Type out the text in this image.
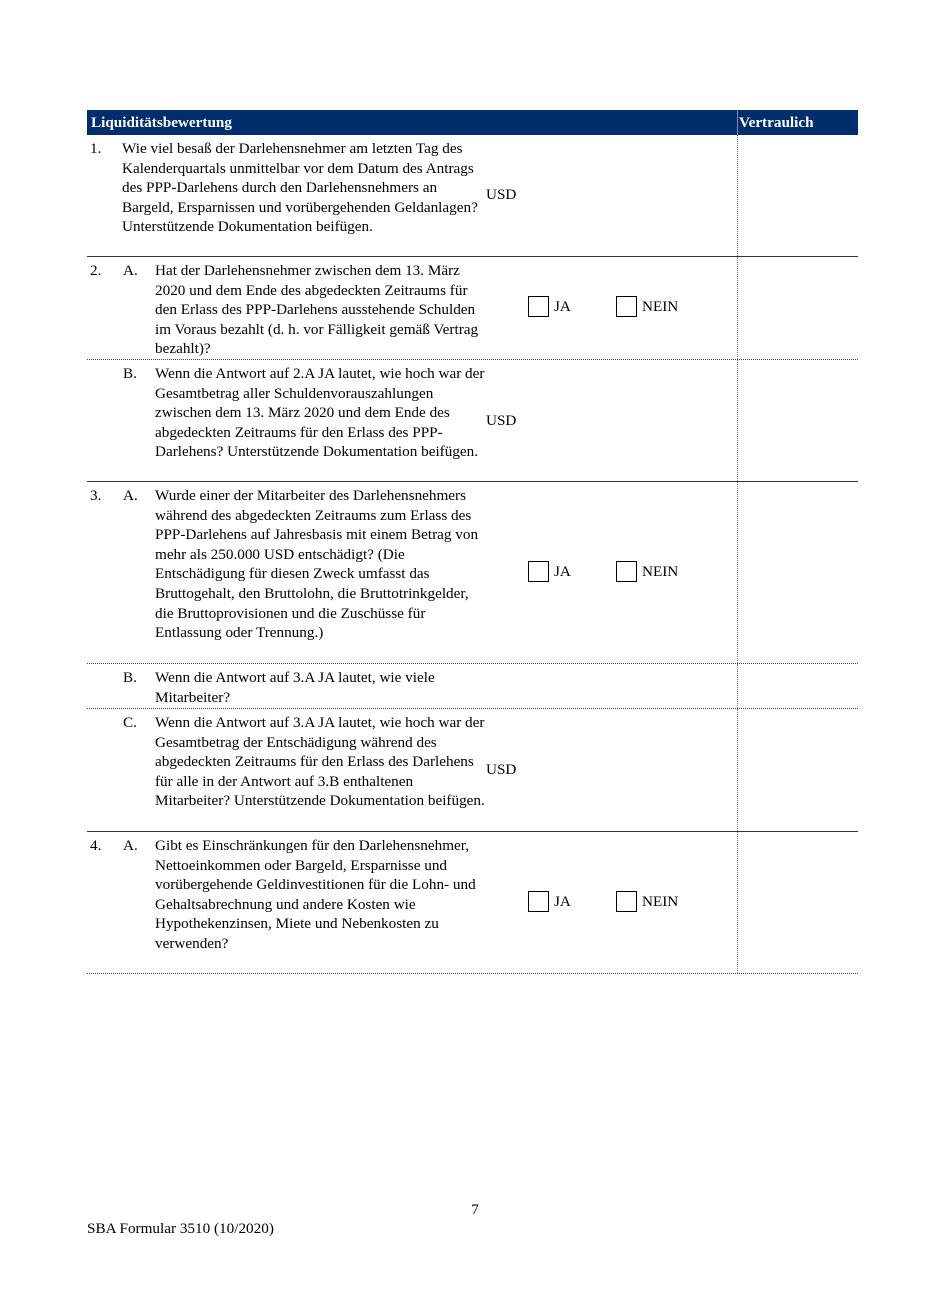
Liquiditätsbewertung	Vertraulich
1.	Wie viel besaß der Darlehensnehmer am letzten Tag des Kalenderquartals unmittelbar vor dem Datum des Antrags des PPP-Darlehens durch den Darlehensnehmers an Bargeld, Ersparnissen und vorübergehenden Geldanlagen? Unterstützende Dokumentation beifügen.
USD
2. A.	Hat der Darlehensnehmer zwischen dem 13. März 2020 und dem Ende des abgedeckten Zeitraums für den Erlass des PPP-Darlehens ausstehende Schulden im Voraus bezahlt (d. h. vor Fälligkeit gemäß Vertrag bezahlt)?
JA	NEIN
B.	Wenn die Antwort auf 2.A JA lautet, wie hoch war der Gesamtbetrag aller Schuldenvorauszahlungen zwischen dem 13. März 2020 und dem Ende des abgedeckten Zeitraums für den Erlass des PPP-Darlehens? Unterstützende Dokumentation beifügen.
USD
3. A.	Wurde einer der Mitarbeiter des Darlehensnehmers während des abgedeckten Zeitraums zum Erlass des PPP-Darlehens auf Jahresbasis mit einem Betrag von mehr als 250.000 USD entschädigt? (Die Entschädigung für diesen Zweck umfasst das Bruttogehalt, den Bruttolohn, die Bruttotrinkgelder, die Bruttoprovisionen und die Zuschüsse für Entlassung oder Trennung.)
JA	NEIN
B.	Wenn die Antwort auf 3.A JA lautet, wie viele Mitarbeiter?
C.	Wenn die Antwort auf 3.A JA lautet, wie hoch war der Gesamtbetrag der Entschädigung während des abgedeckten Zeitraums für den Erlass des Darlehens für alle in der Antwort auf 3.B enthaltenen Mitarbeiter? Unterstützende Dokumentation beifügen.
USD
4. A.	Gibt es Einschränkungen für den Darlehensnehmer, Nettoeinkommen oder Bargeld, Ersparnisse und vorübergehende Geldinvestitionen für die Lohn- und Gehaltsabrechnung und andere Kosten wie Hypothekenzinsen, Miete und Nebenkosten zu verwenden?
JA	NEIN
7
SBA Formular 3510 (10/2020)
